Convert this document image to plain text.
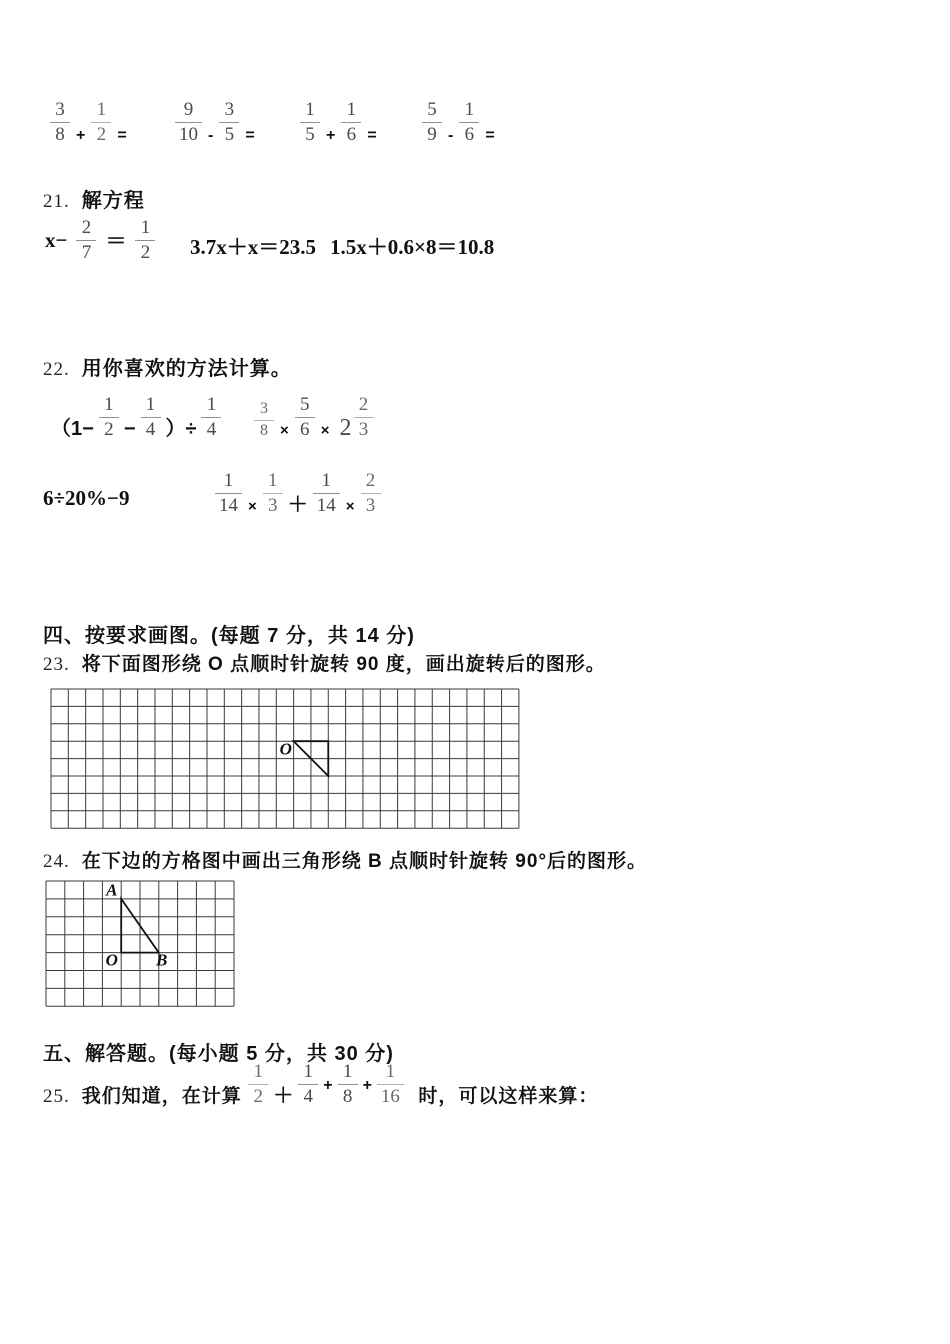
$\frac{3}{8} + \frac{1}{2}$ =	$\frac{9}{10} - \frac{3}{5} = \frac{1}{5} + \frac{1}{6} = \frac{5}{9} - \frac{1}{6}$ =
21. 解方程
$x- \frac{2}{7} = \frac{1}{2} 3.7x+x=23.5$ 1.5x＋0.6×8＝10.8
22. 用你喜欢的方法计算。
（$1- \frac{1}{2} - \frac{1}{4}$ ）÷ $\frac{1}{4} \frac{3}{8} \times \frac{5}{6} \times 2 \frac{2}{3}$
6÷20%−9	$\frac{1}{14} \times \frac{1}{3} + \frac{1}{14} \times \frac{2}{3}$
四、按要求画图。(每题 7 分，共 14 分)
23. 将下面图形绕 O 点顺时针旋转 90 度，画出旋转后的图形。
O
24. 在下边的方格图中画出三角形绕 B 点顺时针旋转 90°后的图形。
A
O B
五、解答题。(每小题 5 分，共 30 分)
25. 我们知道，在计算 $\frac{1}{2} + \frac{1}{4} + \frac{1}{8} + \frac{1}{16}$ 时，可以这样来算：
